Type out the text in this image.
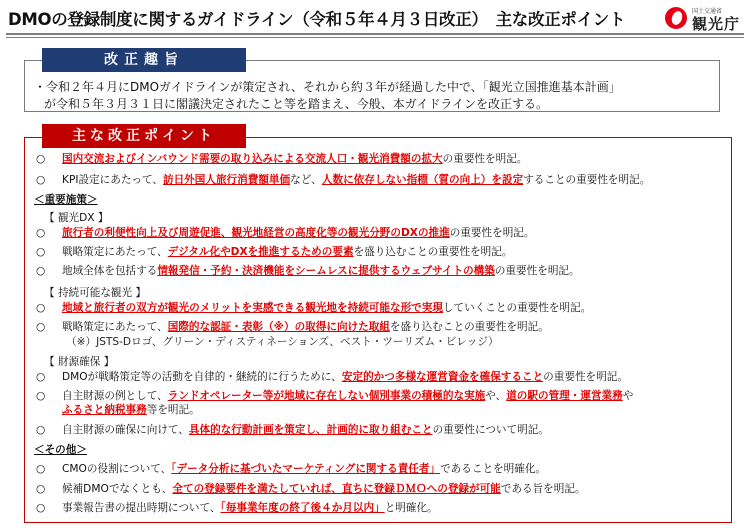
DMOの登録制度に関するガイドライン（令和５年４月３日改正）　主な改正ポイント	国土交通省
観光庁
改正趣旨
・令和２年４月にDMOガイドラインが策定され、それから約３年が経過した中で、「観光立国推進基本計画」
が令和５年３月３１日に閣議決定されたこと等を踏まえ、今般、本ガイドラインを改正する。
主な改正ポイント
○ 国内交流およびインバウンド需要の取り込みによる交流人口・観光消費額の拡大の重要性を明記。
○ KPI設定にあたって、訪日外国人旅行消費額単価など、人数に依存しない指標（質の向上）を設定することの重要性を明記。
＜重要施策＞
【 観光DX 】
○ 旅行者の利便性向上及び周遊促進、観光地経営の高度化等の観光分野のDXの推進の重要性を明記。
○ 戦略策定にあたって、デジタル化やDXを推進するための要素を盛り込むことの重要性を明記。
○ 地域全体を包括する情報発信・予約・決済機能をシームレスに提供するウェブサイトの構築の重要性を明記。
【 持続可能な観光 】
○ 地域と旅行者の双方が観光のメリットを実感できる観光地を持続可能な形で実現していくことの重要性を明記。
○ 戦略策定にあたって、国際的な認証・表彰（※）の取得に向けた取組を盛り込むことの重要性を明記。
（※）JSTS-Dロゴ、グリーン・ディスティネーションズ、ベスト・ツーリズム・ビレッジ）
【 財源確保 】
○ DMOが戦略策定等の活動を自律的・継続的に行うために、安定的かつ多様な運営資金を確保することの重要性を明記。
○ 自主財源の例として、ランドオペレーター等が地域に存在しない個別事業の積極的な実施や、道の駅の管理・運営業務や
ふるさと納税事務等を明記。
○ 自主財源の確保に向けて、具体的な行動計画を策定し、計画的に取り組むことの重要性について明記。
＜その他＞
○ CMOの役割について、「データ分析に基づいたマーケティングに関する責任者」であることを明確化。
○ 候補DMOでなくとも、全ての登録要件を満たしていれば、直ちに登録ＤＭＯへの登録が可能である旨を明記。
○ 事業報告書の提出時期について、「毎事業年度の終了後４か月以内」と明確化。
